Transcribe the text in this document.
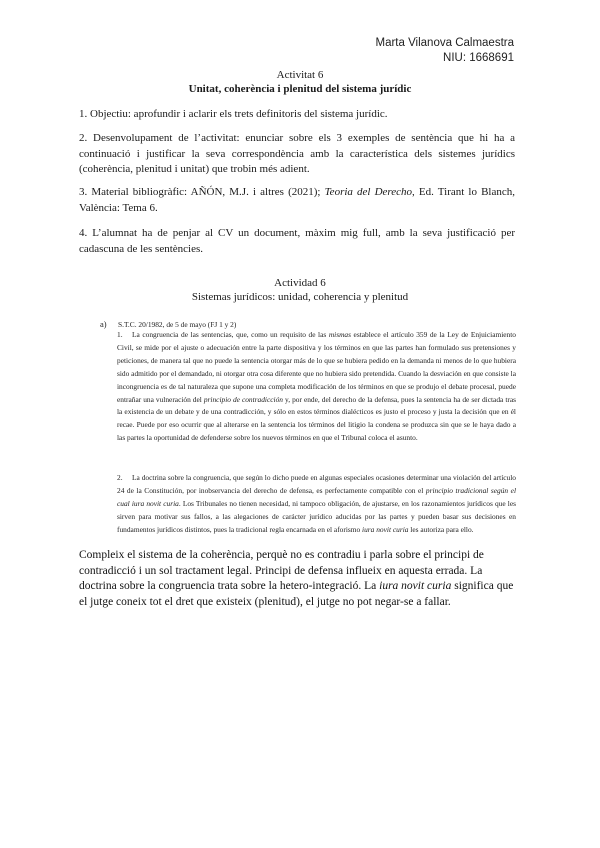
Marta Vilanova Calmaestra
NIU: 1668691
Activitat 6
Unitat, coherència i plenitud del sistema jurídic
1. Objectiu: aprofundir i aclarir els trets definitoris del sistema jurídic.
2. Desenvolupament de l’activitat: enunciar sobre els 3 exemples de sentència que hi ha a continuació i justificar la seva correspondència amb la característica dels sistemes jurídics (coherència, plenitud i unitat) que trobin més adient.
3. Material bibliogràfic: AÑÓN, M.J. i altres (2021); Teoria del Derecho, Ed. Tirant lo Blanch, València: Tema 6.
4. L’alumnat ha de penjar al CV un document, màxim mig full, amb la seva justificació per cadascuna de les sentències.
Actividad 6
Sistemas jurídicos: unidad, coherencia y plenitud
a) S.T.C. 20/1982, de 5 de mayo (FJ 1 y 2)
1. La congruencia de las sentencias, que, como un requisito de las mismas establece el artículo 359 de la Ley de Enjuiciamiento Civil, se mide por el ajuste o adecuación entre la parte dispositiva y los términos en que las partes han formulado sus pretensiones y peticiones, de manera tal que no puede la sentencia otorgar más de lo que se hubiera pedido en la demanda ni menos de lo que hubiera sido admitido por el demandado, ni otorgar otra cosa diferente que no hubiera sido pretendida. Cuando la desviación en que consiste la incongruencia es de tal naturaleza que supone una completa modificación de los términos en que se produjo el debate procesal, puede entrañar una vulneración del principio de contradicción y, por ende, del derecho de la defensa, pues la sentencia ha de ser dictada tras la existencia de un debate y de una contradicción, y sólo en estos términos dialécticos es justo el proceso y justa la decisión que en él recae. Puede por eso ocurrir que al alterarse en la sentencia los términos del litigio la condena se produzca sin que se le haya dado a las partes la oportunidad de defenderse sobre los nuevos términos en que el Tribunal coloca el asunto.
2. La doctrina sobre la congruencia, que según lo dicho puede en algunas especiales ocasiones determinar una violación del artículo 24 de la Constitución, por inobservancia del derecho de defensa, es perfectamente compatible con el principio tradicional según el cual iura novit curia. Los Tribunales no tienen necesidad, ni tampoco obligación, de ajustarse, en los razonamientos jurídicos que les sirven para motivar sus fallos, a las alegaciones de carácter jurídico aducidas por las partes y pueden basar sus decisiones en fundamentos jurídicos distintos, pues la tradicional regla encarnada en el aforismo iura novit curia les autoriza para ello.
Compleix el sistema de la coherència, perquè no es contradiu i parla sobre el principi de contradicció i un sol tractament legal. Principi de defensa influeix en aquesta errada. La doctrina sobre la congruencia trata sobre la hetero-integració. La iura novit curia significa que el jutge coneix tot el dret que existeix (plenitud), el jutge no pot negar-se a fallar.
